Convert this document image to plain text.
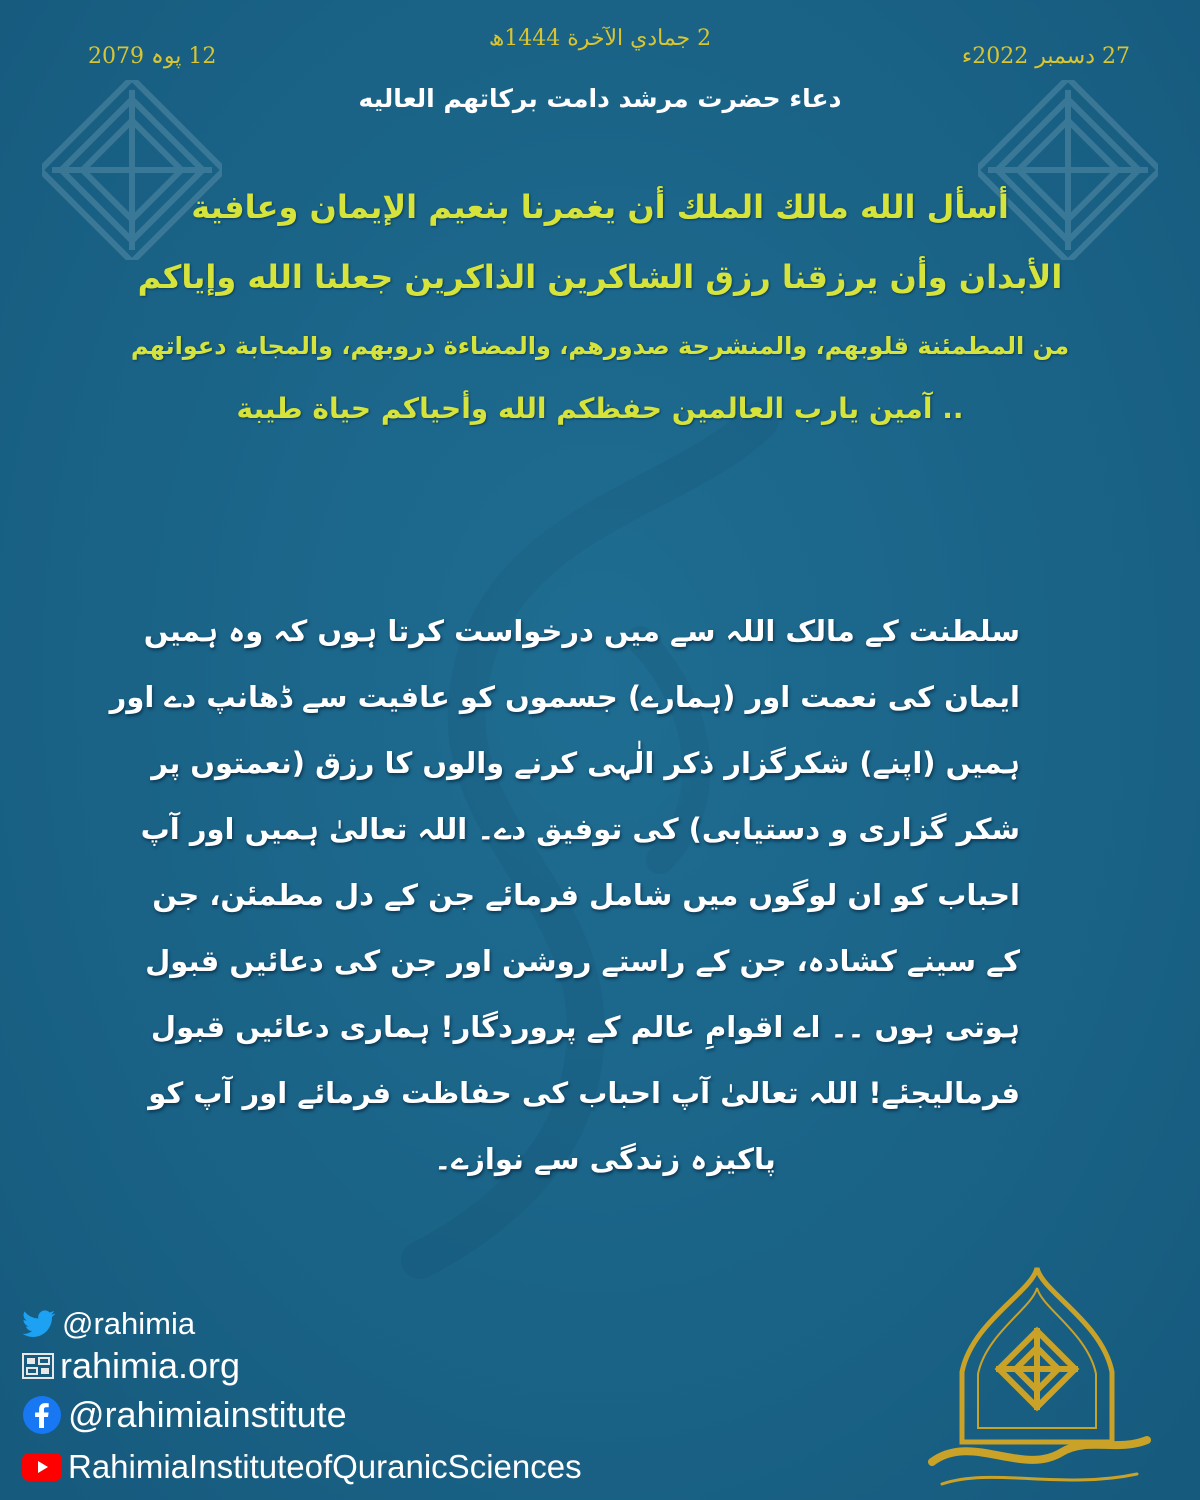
2 جمادي الآخرة 1444ھ
27 دسمبر 2022ء
12 پوہ 2079
دعاء حضرت مرشد دامت برکاتهم العاليه
أسأل الله مالك الملك أن يغمرنا بنعيم الإيمان وعافية
الأبدان وأن يرزقنا رزق الشاكرين الذاكرين جعلنا الله وإياكم
من المطمئنة قلوبهم، والمنشرحة صدورهم، والمضاءة دروبهم، والمجابة دعواتهم
.. آمين يارب العالمين حفظكم الله وأحياكم حياة طيبة
سلطنت کے مالک اللہ سے میں درخواست کرتا ہوں کہ وہ ہمیں
ایمان کی نعمت اور (ہمارے) جسموں کو عافیت سے ڈھانپ دے اور
ہمیں (اپنے) شکرگزار ذکر الٰہی کرنے والوں کا رزق (نعمتوں پر
شکر گزاری و دستیابی) کی توفیق دے۔ اللہ تعالیٰ ہمیں اور آپ
احباب کو ان لوگوں میں شامل فرمائے جن کے دل مطمئن، جن
کے سینے کشادہ، جن کے راستے روشن اور جن کی دعائیں قبول
ہوتی ہوں ۔۔ اے اقوامِ عالم کے پروردگار! ہماری دعائیں قبول
فرمالیجئے! اللہ تعالیٰ آپ احباب کی حفاظت فرمائے اور آپ کو
پاکیزہ زندگی سے نوازے۔
@rahimia
rahimia.org
@rahimiainstitute
RahimiaInstituteofQuranicSciences
